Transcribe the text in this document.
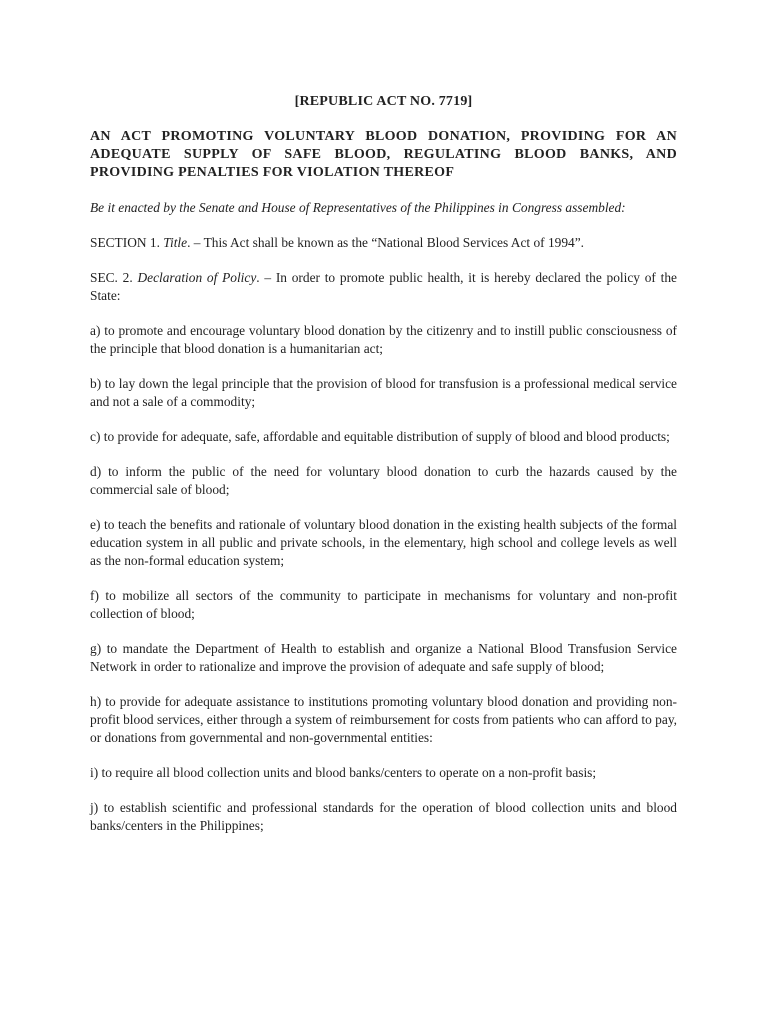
[REPUBLIC ACT NO. 7719]
AN ACT PROMOTING VOLUNTARY BLOOD DONATION, PROVIDING FOR AN ADEQUATE SUPPLY OF SAFE BLOOD, REGULATING BLOOD BANKS, AND PROVIDING PENALTIES FOR VIOLATION THEREOF

Be it enacted by the Senate and House of Representatives of the Philippines in Congress assembled:

SECTION 1. Title. – This Act shall be known as the “National Blood Services Act of 1994”.

SEC. 2. Declaration of Policy. – In order to promote public health, it is hereby declared the policy of the State:

a) to promote and encourage voluntary blood donation by the citizenry and to instill public consciousness of the principle that blood donation is a humanitarian act;

b) to lay down the legal principle that the provision of blood for transfusion is a professional medical service and not a sale of a commodity;

c) to provide for adequate, safe, affordable and equitable distribution of supply of blood and blood products;

d) to inform the public of the need for voluntary blood donation to curb the hazards caused by the commercial sale of blood;

e) to teach the benefits and rationale of voluntary blood donation in the existing health subjects of the formal education system in all public and private schools, in the elementary, high school and college levels as well as the non-formal education system;

f) to mobilize all sectors of the community to participate in mechanisms for voluntary and non-profit collection of blood;

g) to mandate the Department of Health to establish and organize a National Blood Transfusion Service Network in order to rationalize and improve the provision of adequate and safe supply of blood;

h) to provide for adequate assistance to institutions promoting voluntary blood donation and providing non-profit blood services, either through a system of reimbursement for costs from patients who can afford to pay, or donations from governmental and non-governmental entities:

i) to require all blood collection units and blood banks/centers to operate on a non-profit basis;

j) to establish scientific and professional standards for the operation of blood collection units and blood banks/centers in the Philippines;
